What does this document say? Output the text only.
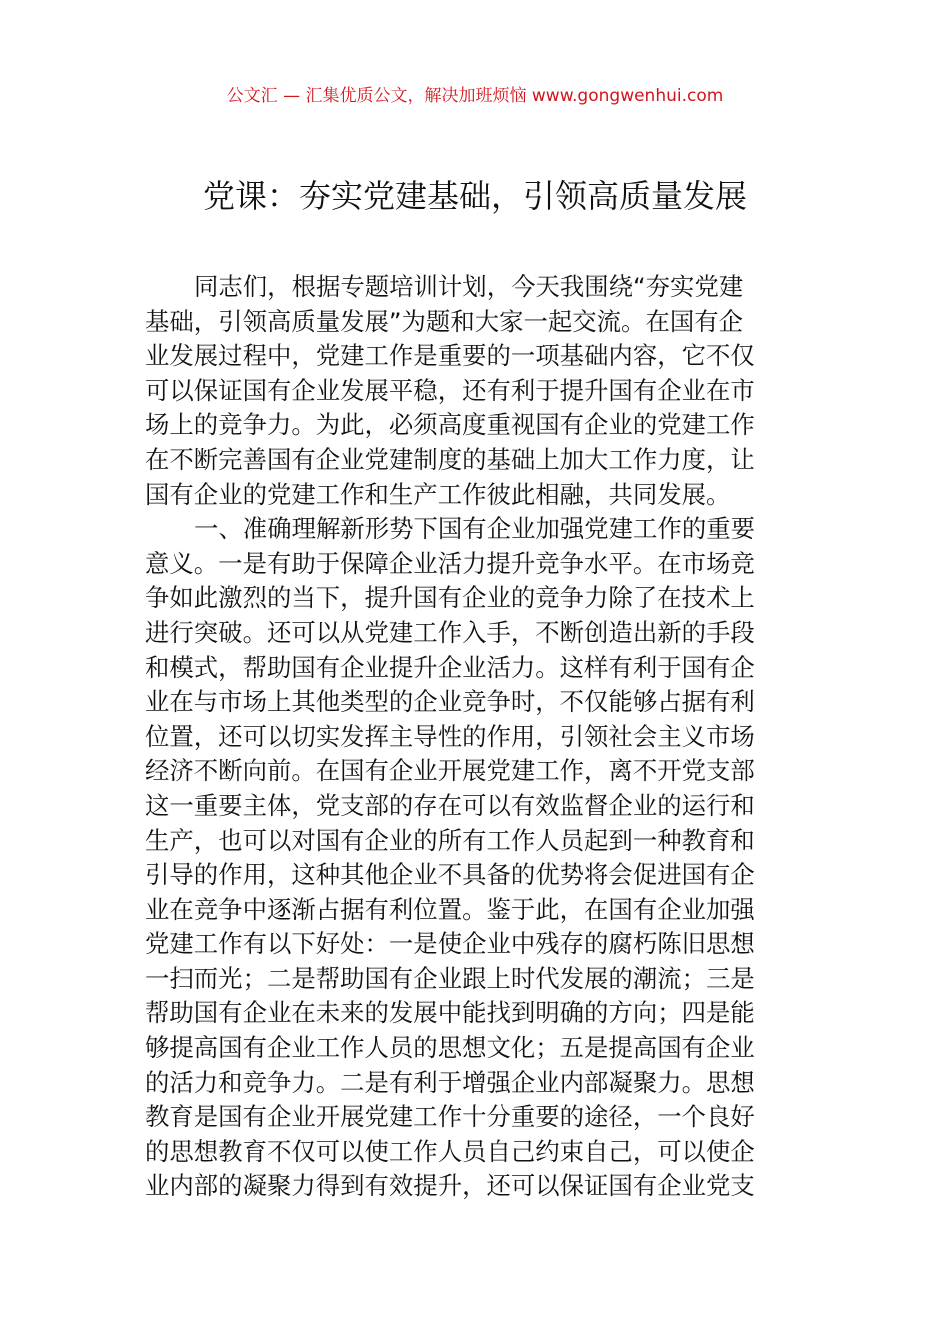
公文汇 — 汇集优质公文，解决加班烦恼 www.gongwenhui.com
党课：夯实党建基础，引领高质量发展
同志们，根据专题培训计划，今天我围绕“夯实党建
基础，引领高质量发展”为题和大家一起交流。在国有企
业发展过程中，党建工作是重要的一项基础内容，它不仅
可以保证国有企业发展平稳，还有利于提升国有企业在市
场上的竞争力。为此，必须高度重视国有企业的党建工作
在不断完善国有企业党建制度的基础上加大工作力度，让
国有企业的党建工作和生产工作彼此相融，共同发展。
一、准确理解新形势下国有企业加强党建工作的重要
意义。一是有助于保障企业活力提升竞争水平。在市场竞
争如此激烈的当下，提升国有企业的竞争力除了在技术上
进行突破。还可以从党建工作入手，不断创造出新的手段
和模式，帮助国有企业提升企业活力。这样有利于国有企
业在与市场上其他类型的企业竞争时，不仅能够占据有利
位置，还可以切实发挥主导性的作用，引领社会主义市场
经济不断向前。在国有企业开展党建工作，离不开党支部
这一重要主体，党支部的存在可以有效监督企业的运行和
生产，也可以对国有企业的所有工作人员起到一种教育和
引导的作用，这种其他企业不具备的优势将会促进国有企
业在竞争中逐渐占据有利位置。鉴于此，在国有企业加强
党建工作有以下好处：一是使企业中残存的腐朽陈旧思想
一扫而光；二是帮助国有企业跟上时代发展的潮流；三是
帮助国有企业在未来的发展中能找到明确的方向；四是能
够提高国有企业工作人员的思想文化；五是提高国有企业
的活力和竞争力。二是有利于增强企业内部凝聚力。思想
教育是国有企业开展党建工作十分重要的途径，一个良好
的思想教育不仅可以使工作人员自己约束自己，可以使企
业内部的凝聚力得到有效提升，还可以保证国有企业党支
